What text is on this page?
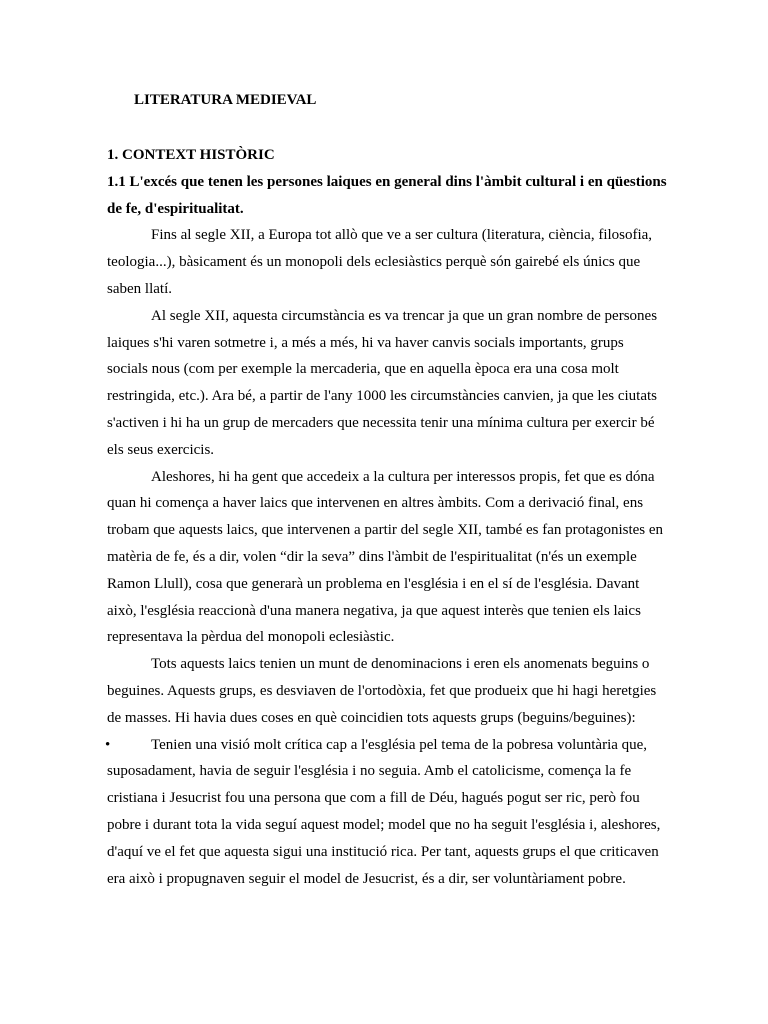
LITERATURA MEDIEVAL
1. CONTEXT HISTÒRIC
1.1 L'excés que tenen les persones laiques en general dins l'àmbit cultural i en qüestions de fe, d'espiritualitat.

Fins al segle XII, a Europa tot allò que ve a ser cultura (literatura, ciència, filosofia, teologia...), bàsicament és un monopoli dels eclesiàstics perquè són gairebé els únics que saben llatí.

Al segle XII, aquesta circumstància es va trencar ja que un gran nombre de persones laiques s'hi varen sotmetre i, a més a més, hi va haver canvis socials importants, grups socials nous (com per exemple la mercaderia, que en aquella època era una cosa molt restringida, etc.). Ara bé, a partir de l'any 1000 les circumstàncies canvien, ja que les ciutats s'activen i hi ha un grup de mercaders que necessita tenir una mínima cultura per exercir bé els seus exercicis.

Aleshores, hi ha gent que accedeix a la cultura per interessos propis, fet que es dóna quan hi comença a haver laics que intervenen en altres àmbits. Com a derivació final, ens trobam que aquests laics, que intervenen a partir del segle XII, també es fan protagonistes en matèria de fe, és a dir, volen “dir la seva” dins l'àmbit de l'espiritualitat (n'és un exemple Ramon Llull), cosa que generarà un problema en l'església i en el sí de l'església. Davant això, l'església reaccionà d'una manera negativa, ja que aquest interès que tenien els laics representava la pèrdua del monopoli eclesiàstic.

Tots aquests laics tenien un munt de denominacions i eren els anomenats beguins o beguines. Aquests grups, es desviaven de l'ortodòxia, fet que produeix que hi hagi heretgies de masses. Hi havia dues coses en què coincidien tots aquests grups (beguins/beguines):

•	Tenien una visió molt crítica cap a l'església pel tema de la pobresa voluntària que, suposadament, havia de seguir l'església i no seguia. Amb el catolicisme, comença la fe cristiana i Jesucrist fou una persona que com a fill de Déu, hagués pogut ser ric, però fou pobre i durant tota la vida seguí aquest model; model que no ha seguit l'església i, aleshores, d'aquí ve el fet que aquesta sigui una institució rica. Per tant, aquests grups el que criticaven era això i propugnaven seguir el model de Jesucrist, és a dir, ser voluntàriament pobre.
